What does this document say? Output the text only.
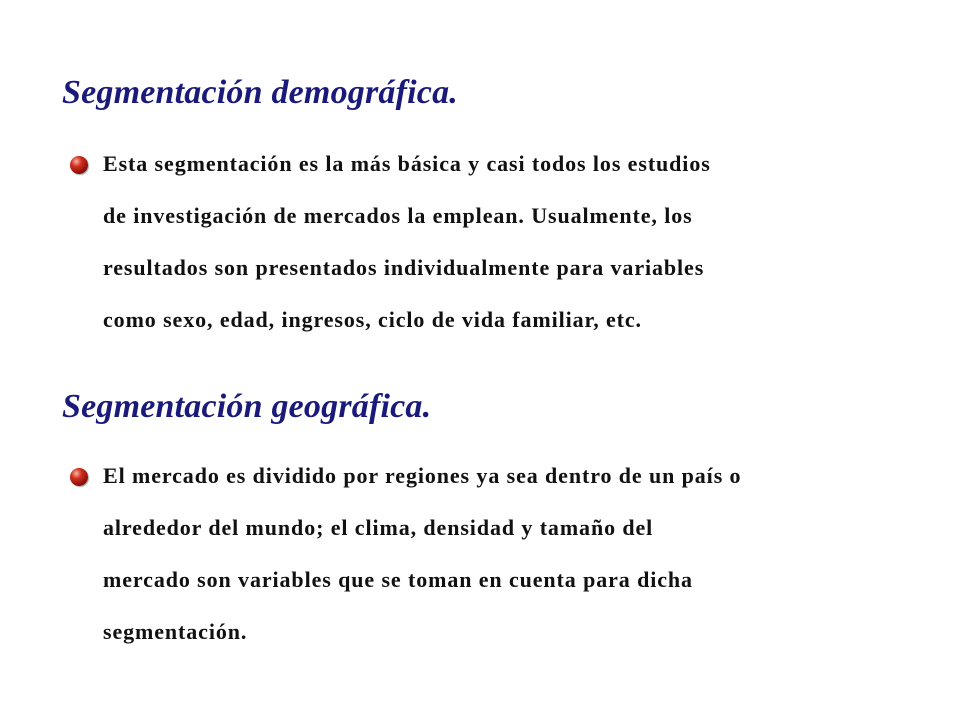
Segmentación demográfica.

Esta segmentación es la más básica y casi todos los estudios
de investigación de mercados la emplean. Usualmente, los
resultados son presentados individualmente para variables
como sexo, edad, ingresos, ciclo de vida familiar, etc.

Segmentación geográfica.

El mercado es dividido por regiones ya sea dentro de un país o
alrededor del mundo; el clima, densidad y tamaño del
mercado son variables que se toman en cuenta para dicha
segmentación.
